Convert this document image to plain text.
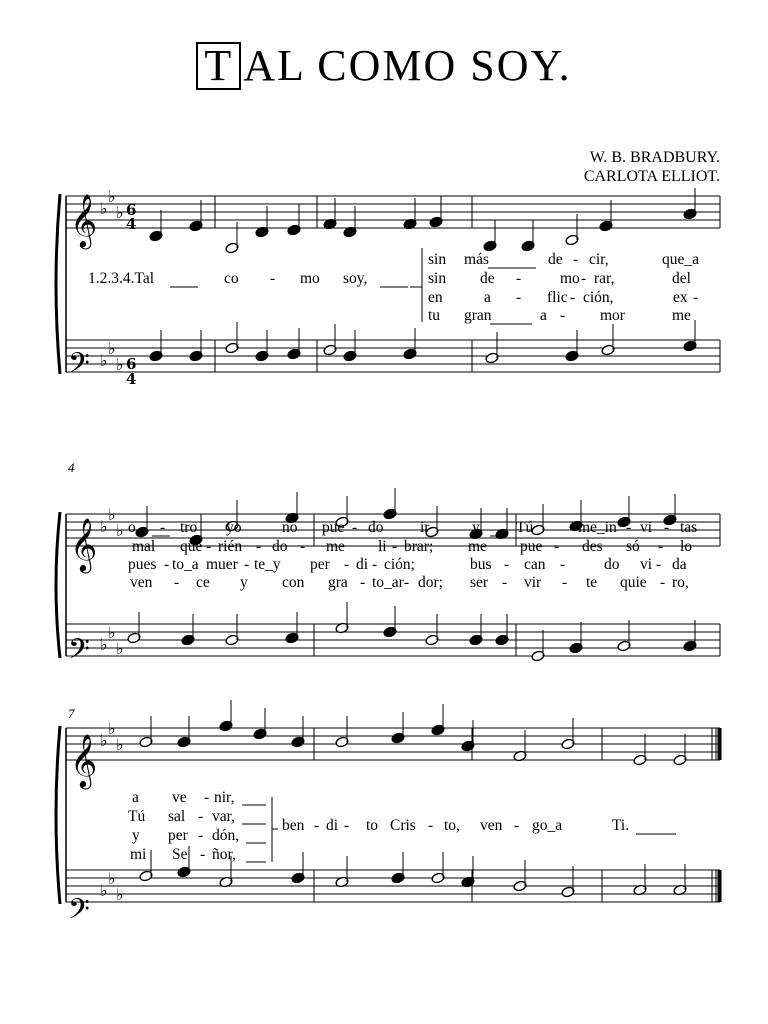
T AL COMO SOY.
W. B. BRADBURY.
CARLOTA ELLIOT.
♭
♭
♭
♭
♭
♭
♭
♭
♭
♭
♭
♭
♭
♭
♭
♭
♭
♭
𝄞
𝄢
𝄞
𝄢
𝄞
𝄢
6
4
6
4
4
7
1.2.3.4.Tal	co - mo soy,
sin más	de - cir,	que_a
sin de -	mo - rar,	del
en	a - flic - ción,	ex -
tu gran	a - mor	me
o - tro yo	no pue - do ir	y Tú	me_in - vi - tas
mal que - rién - do - me li - brar; me pue - des só - lo
pues - to_a muer - te_y per - di - ción;	bus - can -	do vi - da
ven - ce y con gra - to_ar - dor; ser - vir - te quie - ro,
a ve - nir,
Tú sal - var,
y per - dón,
mi Se - ñor,
ben - di - to Cris - to, ven - go_a	Ti.
